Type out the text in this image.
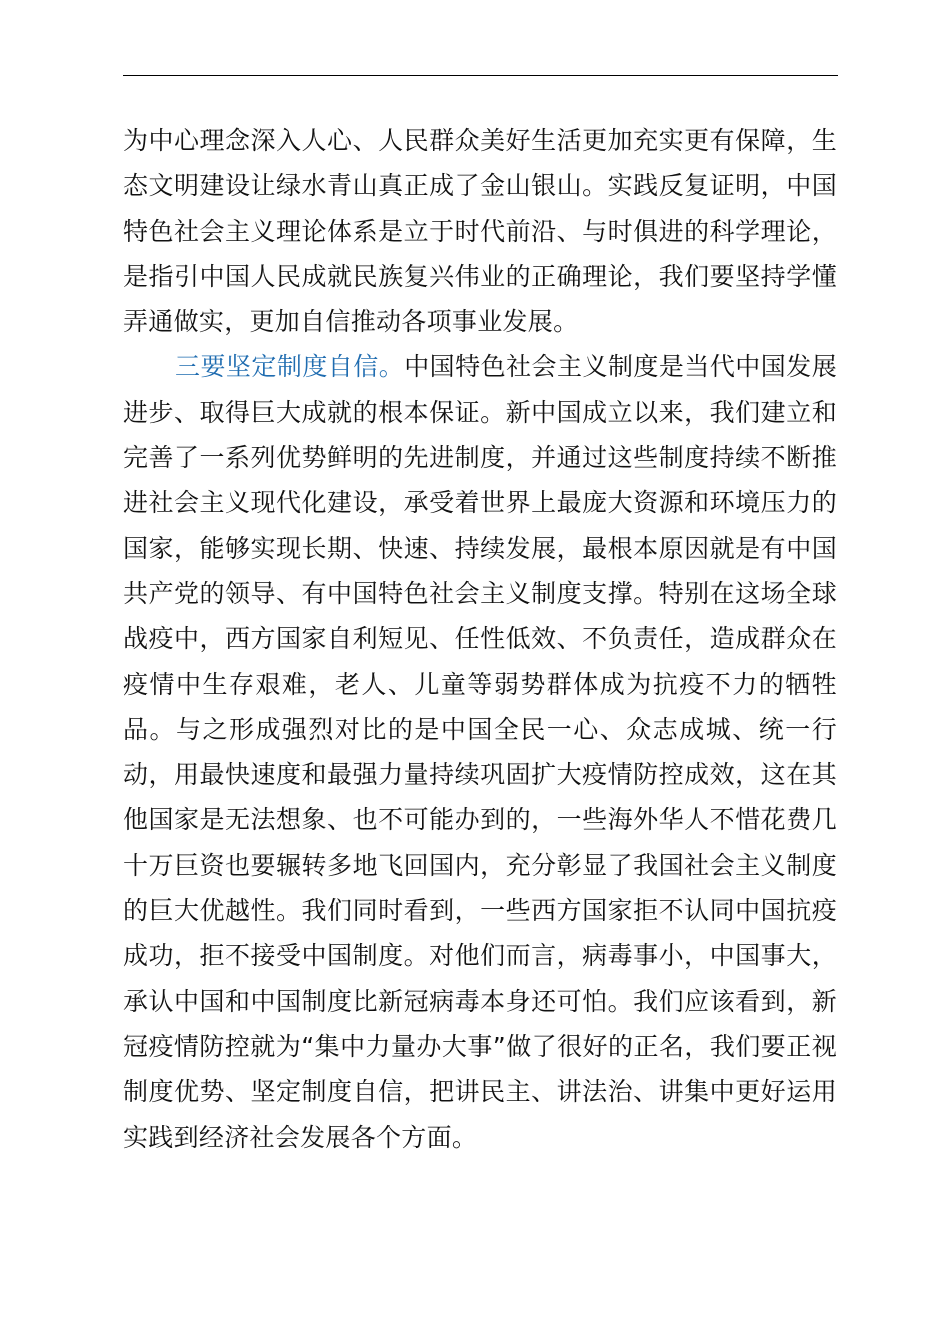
为中心理念深入人心、人民群众美好生活更加充实更有保障，生态文明建设让绿水青山真正成了金山银山。实践反复证明，中国特色社会主义理论体系是立于时代前沿、与时俱进的科学理论，是指引中国人民成就民族复兴伟业的正确理论，我们要坚持学懂弄通做实，更加自信推动各项事业发展。

三要坚定制度自信。中国特色社会主义制度是当代中国发展进步、取得巨大成就的根本保证。新中国成立以来，我们建立和完善了一系列优势鲜明的先进制度，并通过这些制度持续不断推进社会主义现代化建设，承受着世界上最庞大资源和环境压力的国家，能够实现长期、快速、持续发展，最根本原因就是有中国共产党的领导、有中国特色社会主义制度支撑。特别在这场全球战疫中，西方国家自利短见、任性低效、不负责任，造成群众在疫情中生存艰难，老人、儿童等弱势群体成为抗疫不力的牺牲品。与之形成强烈对比的是中国全民一心、众志成城、统一行动，用最快速度和最强力量持续巩固扩大疫情防控成效，这在其他国家是无法想象、也不可能办到的，一些海外华人不惜花费几十万巨资也要辗转多地飞回国内，充分彰显了我国社会主义制度的巨大优越性。我们同时看到，一些西方国家拒不认同中国抗疫成功，拒不接受中国制度。对他们而言，病毒事小，中国事大，承认中国和中国制度比新冠病毒本身还可怕。我们应该看到，新冠疫情防控就为“集中力量办大事”做了很好的正名，我们要正视制度优势、坚定制度自信，把讲民主、讲法治、讲集中更好运用实践到经济社会发展各个方面。
